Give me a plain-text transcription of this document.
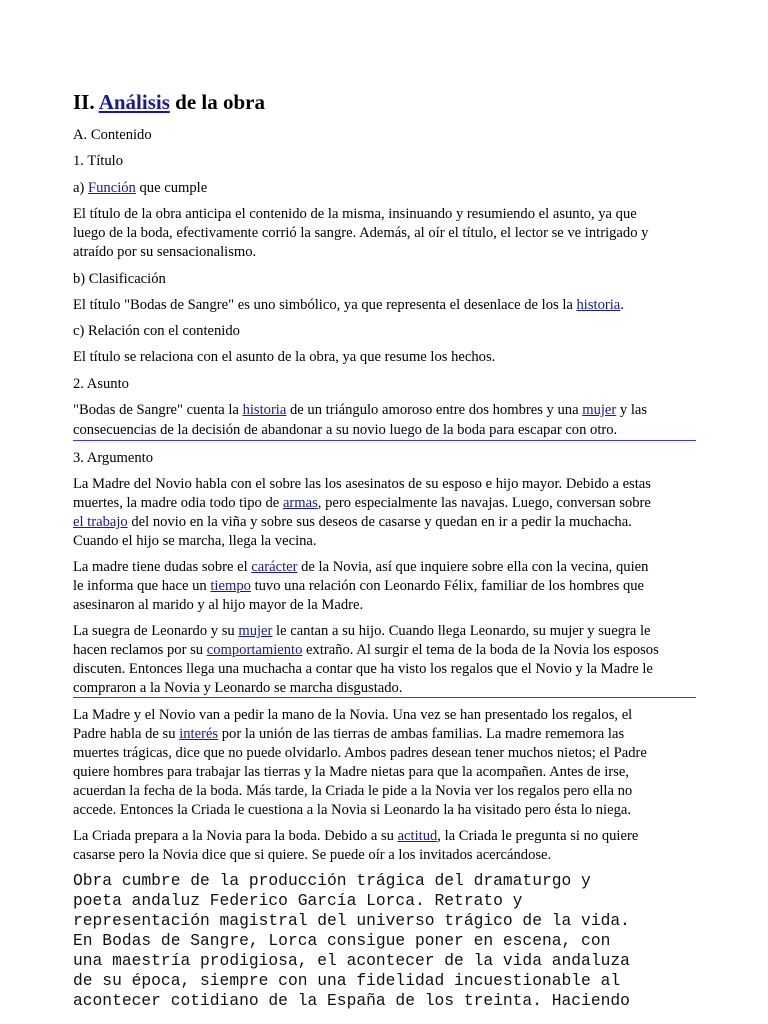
II. Análisis de la obra

A. Contenido

1. Título

a) Función que cumple

El título de la obra anticipa el contenido de la misma, insinuando y resumiendo el asunto, ya que

luego de la boda, efectivamente corrió la sangre. Además, al oír el título, el lector se ve intrigado y

atraído por su sensacionalismo.

b) Clasificación

El título "Bodas de Sangre" es uno simbólico, ya que representa el desenlace de los la historia.

c) Relación con el contenido

El título se relaciona con el asunto de la obra, ya que resume los hechos.

2. Asunto

"Bodas de Sangre" cuenta la historia de un triángulo amoroso entre dos hombres y una mujer y las

consecuencias de la decisión de abandonar a su novio luego de la boda para escapar con otro.

3. Argumento

La Madre del Novio habla con el sobre las los asesinatos de su esposo e hijo mayor. Debido a estas

muertes, la madre odia todo tipo de armas, pero especialmente las navajas. Luego, conversan sobre

el trabajo del novio en la viña y sobre sus deseos de casarse y quedan en ir a pedir la muchacha.

Cuando el hijo se marcha, llega la vecina.

La madre tiene dudas sobre el carácter de la Novia, así que inquiere sobre ella con la vecina, quien

le informa que hace un tiempo tuvo una relación con Leonardo Félix, familiar de los hombres que

asesinaron al marido y al hijo mayor de la Madre.

La suegra de Leonardo y su mujer le cantan a su hijo. Cuando llega Leonardo, su mujer y suegra le

hacen reclamos por su comportamiento extraño. Al surgir el tema de la boda de la Novia los esposos

discuten. Entonces llega una muchacha a contar que ha visto los regalos que el Novio y la Madre le

compraron a la Novia y Leonardo se marcha disgustado.

La Madre y el Novio van a pedir la mano de la Novia. Una vez se han presentado los regalos, el

Padre habla de su interés por la unión de las tierras de ambas familias. La madre rememora las

muertes trágicas, dice que no puede olvidarlo. Ambos padres desean tener muchos nietos; el Padre

quiere hombres para trabajar las tierras y la Madre nietas para que la acompañen. Antes de irse,

acuerdan la fecha de la boda. Más tarde, la Criada le pide a la Novia ver los regalos pero ella no

accede. Entonces la Criada le cuestiona a la Novia si Leonardo la ha visitado pero ésta lo niega.

La Criada prepara a la Novia para la boda. Debido a su actitud, la Criada le pregunta si no quiere

casarse pero la Novia dice que si quiere. Se puede oír a los invitados acercándose.

Obra cumbre de la producción trágica del dramaturgo y

poeta andaluz Federico García Lorca. Retrato y

representación magistral del universo trágico de la vida.

En Bodas de Sangre, Lorca consigue poner en escena, con

una maestría prodigiosa, el acontecer de la vida andaluza

de su época, siempre con una fidelidad incuestionable al

acontecer cotidiano de la España de los treinta. Haciendo
